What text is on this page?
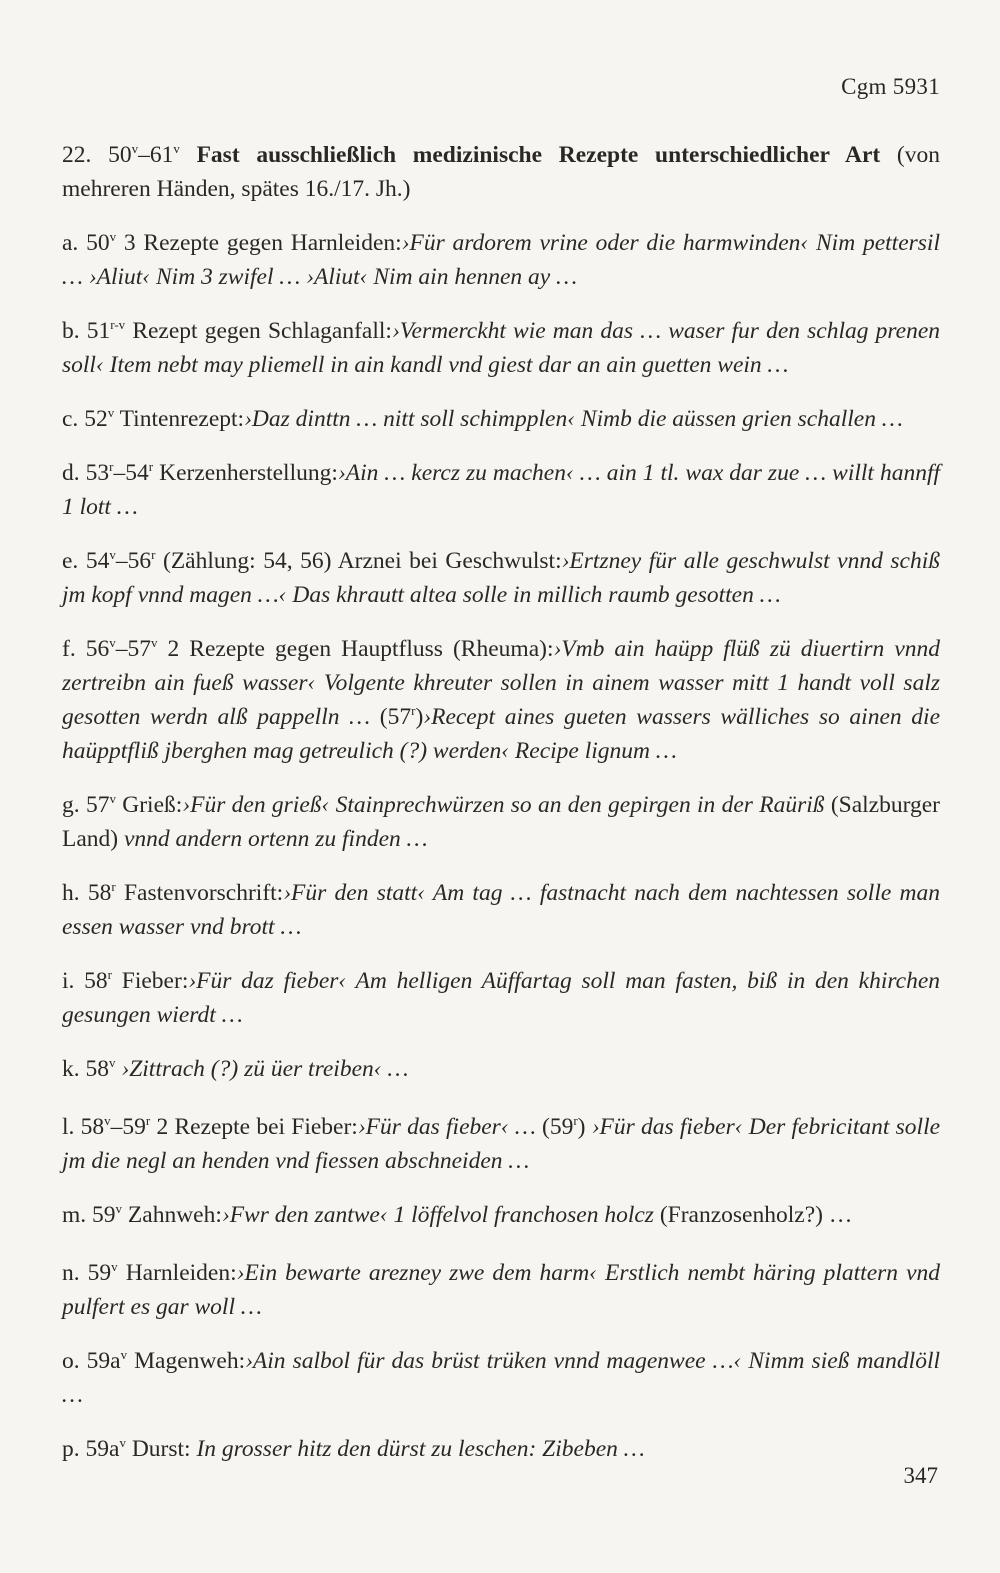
Cgm 5931

22. 50$^v$–61$^v$ Fast ausschließlich medizinische Rezepte unterschiedlicher Art (von mehreren Händen, spätes 16./17. Jh.)

a. 50$^v$ 3 Rezepte gegen Harnleiden:›Für ardorem vrine oder die harmwinden‹ Nim pettersil … ›Aliut‹ Nim 3 zwifel … ›Aliut‹ Nim ain hennen ay …

b. 51$^{r-v}$ Rezept gegen Schlaganfall:›Vermerckht wie man das … waser fur den schlag prenen soll‹ Item nebt may pliemell in ain kandl vnd giest dar an ain guetten wein …

c. 52$^v$ Tintenrezept:›Daz dinttn … nitt soll schimpplen‹ Nimb die aüssen grien schallen …

d. 53$^r$–54$^r$ Kerzenherstellung:›Ain … kercz zu machen‹ … ain 1 tl. wax dar zue … willt hannff 1 lott …

e. 54$^v$–56$^r$ (Zählung: 54, 56) Arznei bei Geschwulst:›Ertzney für alle geschwulst vnnd schiß jm kopf vnnd magen …‹ Das khrautt altea solle in millich raumb gesotten …

f. 56$^v$–57$^v$ 2 Rezepte gegen Hauptfluss (Rheuma):›Vmb ain haüpp flüß zü diuertirn vnnd zertreibn ain fueß wasser‹ Volgente khreuter sollen in ainem wasser mitt 1 handt voll salz gesotten werdn alß pappelln … (57$^r$)›Recept aines gueten wassers wälliches so ainen die haüpptfliß jberghen mag getreulich (?) werden‹ Recipe lignum …

g. 57$^v$ Grieß:›Für den grieß‹ Stainprechwürzen so an den gepirgen in der Raüriß (Salzburger Land) vnnd andern ortenn zu finden …

h. 58$^r$ Fastenvorschrift:›Für den statt‹ Am tag … fastnacht nach dem nachtessen solle man essen wasser vnd brott …

i. 58$^r$ Fieber:›Für daz fieber‹ Am helligen Aüffartag soll man fasten, biß in den khirchen gesungen wierdt …

k. 58$^v$ ›Zittrach (?) zü üer treiben‹ …

l. 58$^v$–59$^r$ 2 Rezepte bei Fieber:›Für das fieber‹ … (59$^r$) ›Für das fieber‹ Der febricitant solle jm die negl an henden vnd fiessen abschneiden …

m. 59$^v$ Zahnweh:›Fwr den zantwe‹ 1 löffelvol franchosen holcz (Franzosenholz?) …

n. 59$^v$ Harnleiden:›Ein bewarte arezney zwe dem harm‹ Erstlich nembt häring plattern vnd pulfert es gar woll …

o. $59a^v$ Magenweh:›Ain salbol für das brüst trüken vnnd magenwee …‹ Nimm sieß mandlöll …

p. $59a^v$ Durst: In grosser hitz den dürst zu leschen: Zibeben …

347
